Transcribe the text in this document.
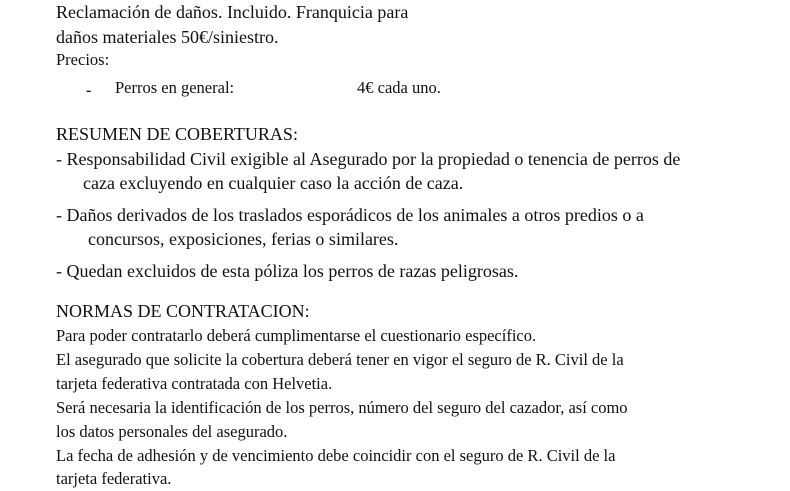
Reclamación de daños. Incluido. Franquicia para
daños materiales 50€/siniestro.
Precios:
- Perros en general:	4€ cada uno.
RESUMEN DE COBERTURAS:
- Responsabilidad Civil exigible al Asegurado por la propiedad o tenencia de perros de
caza excluyendo en cualquier caso la acción de caza.
- Daños derivados de los traslados esporádicos de los animales a otros predios o a
concursos, exposiciones, ferias o similares.
- Quedan excluidos de esta póliza los perros de razas peligrosas.
NORMAS DE CONTRATACION:
Para poder contratarlo deberá cumplimentarse el cuestionario específico.
El asegurado que solicite la cobertura deberá tener en vigor el seguro de R. Civil de la
tarjeta federativa contratada con Helvetia.
Será necesaria la identificación de los perros, número del seguro del cazador, así como
los datos personales del asegurado.
La fecha de adhesión y de vencimiento debe coincidir con el seguro de R. Civil de la
tarjeta federativa.
